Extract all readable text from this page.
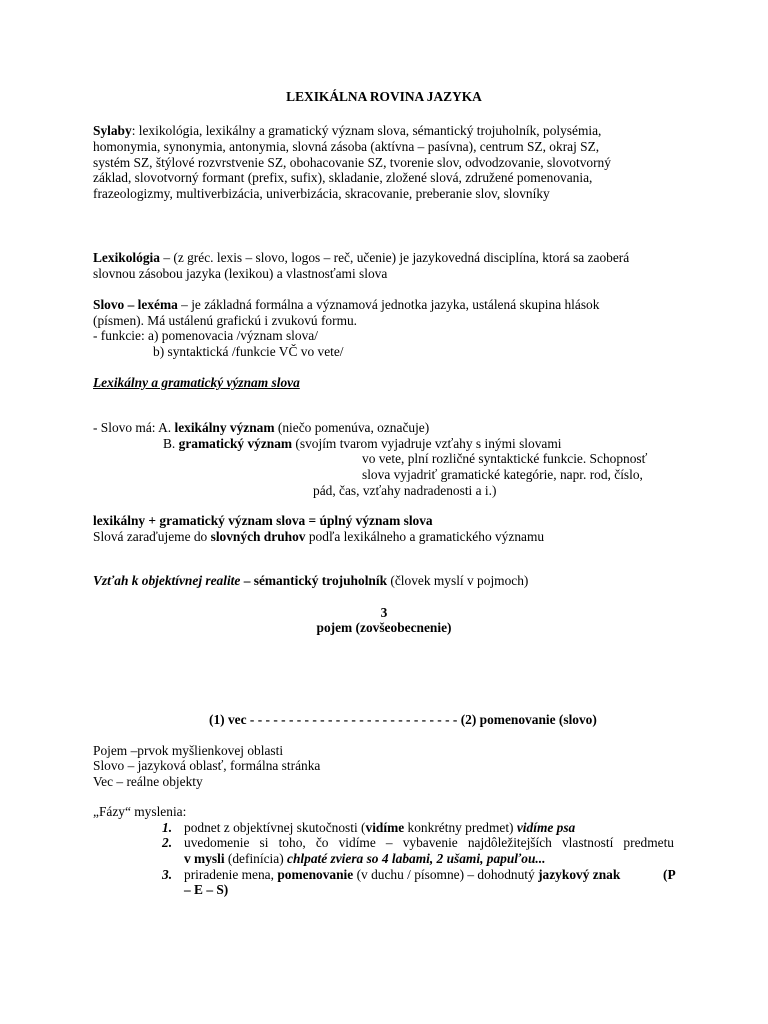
LEXIKÁLNA ROVINA JAZYKA
Sylaby: lexikológia, lexikálny a gramatický význam slova, sémantický trojuholník, polysémia,
homonymia, synonymia, antonymia, slovná zásoba (aktívna – pasívna), centrum SZ, okraj SZ,
systém SZ, štýlové rozvrstvenie SZ, obohacovanie SZ, tvorenie slov, odvodzovanie, slovotvorný
základ, slovotvorný formant (prefix, sufix), skladanie, zložené slová, združené pomenovania,
frazeologizmy, multiverbizácia, univerbizácia, skracovanie, preberanie slov, slovníky
Lexikológia – (z gréc. lexis – slovo, logos – reč, učenie) je jazykovedná disciplína, ktorá sa zaoberá
slovnou zásobou jazyka (lexikou) a vlastnosťami slova
Slovo – lexéma – je základná formálna a významová jednotka jazyka, ustálená skupina hlások
(písmen). Má ustálenú grafickú i zvukovú formu.
- funkcie: a) pomenovacia /význam slova/
b) syntaktická /funkcie VČ vo vete/
Lexikálny a gramatický význam slova
- Slovo má: A. lexikálny význam (niečo pomenúva, označuje)
B. gramatický význam (svojím tvarom vyjadruje vzťahy s inými slovami
vo vete, plní rozličné syntaktické funkcie. Schopnosť
slova vyjadriť gramatické kategórie, napr. rod, číslo,
pád, čas, vzťahy nadradenosti a i.)
lexikálny + gramatický význam slova = úplný význam slova
Slová zaraďujeme do slovných druhov podľa lexikálneho a gramatického významu
Vzťah k objektívnej realite – sémantický trojuholník (človek myslí v pojmoch)
3
pojem (zovšeobecnenie)
(1) vec - - - - - - - - - - - - - - - - - - - - - - - - - - - (2) pomenovanie (slovo)
Pojem –prvok myšlienkovej oblasti
Slovo – jazyková oblasť, formálna stránka
Vec – reálne objekty
„Fázy“ myslenia:
1. podnet z objektívnej skutočnosti (vidíme konkrétny predmet) vidíme psa
2. uvedomenie si toho, čo vidíme – vybavenie najdôležitejších vlastností predmetu
v mysli (definícia) chlpaté zviera so 4 labami, 2 ušami, papuľou...
3. priradenie mena, pomenovanie (v duchu / písomne) – dohodnutý jazykový znak	(P
– E – S)
